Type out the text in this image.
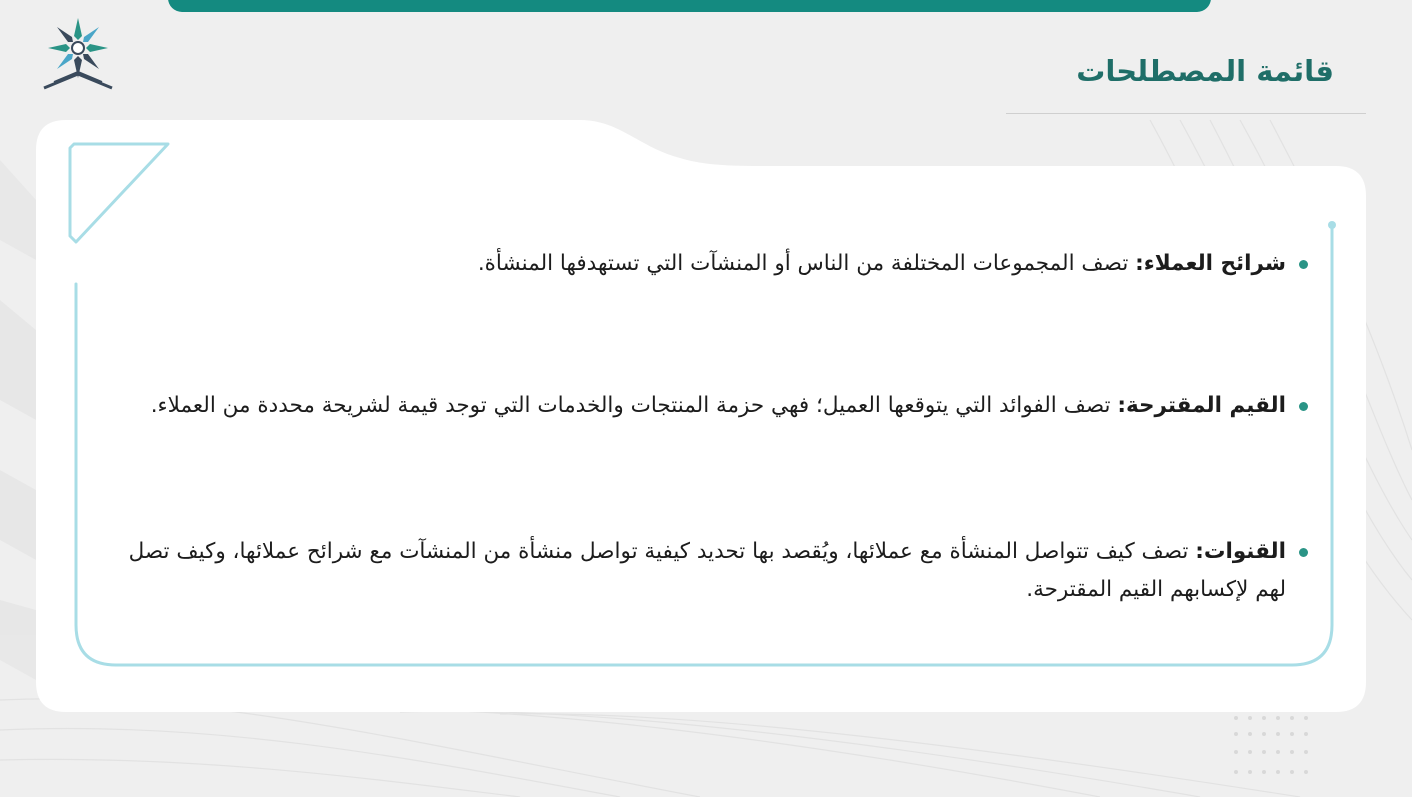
قائمة المصطلحات
شرائح العملاء: تصف المجموعات المختلفة من الناس أو المنشآت التي تستهدفها المنشأة.
القيم المقترحة: تصف الفوائد التي يتوقعها العميل؛ فهي حزمة المنتجات والخدمات التي توجد قيمة لشريحة محددة من العملاء.
القنوات: تصف كيف تتواصل المنشأة مع عملائها، ويُقصد بها تحديد كيفية تواصل منشأة من المنشآت مع شرائح عملائها، وكيف تصل لهم لإكسابهم القيم المقترحة.
